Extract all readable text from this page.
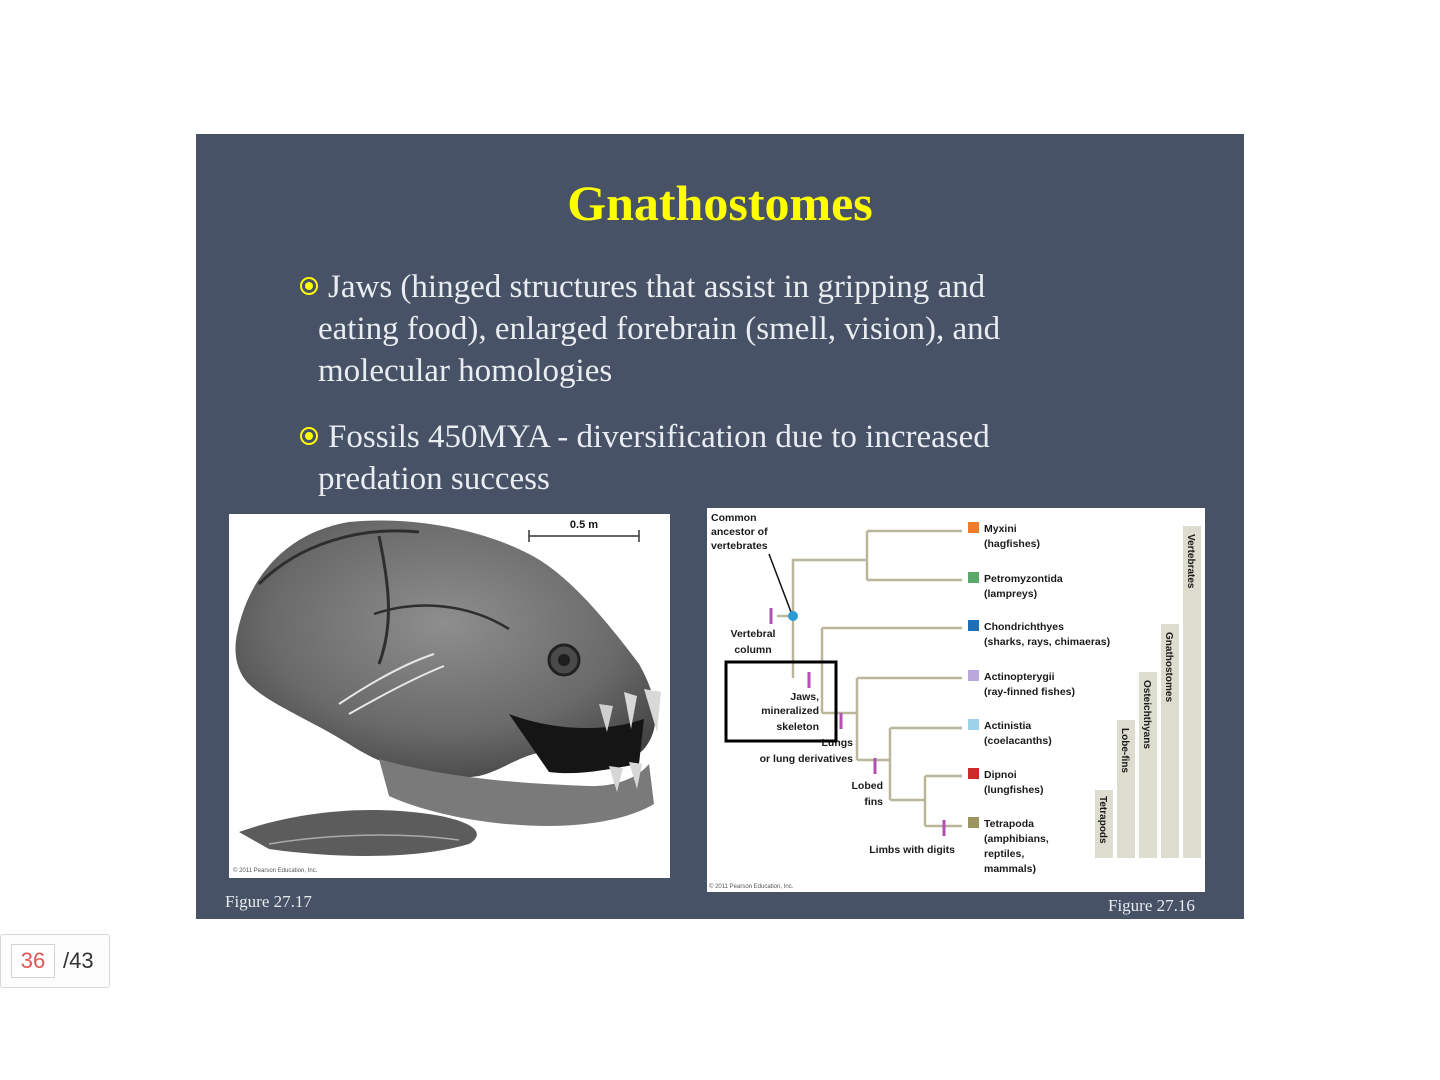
Gnathostomes
Jaws (hinged structures that assist in gripping and
eating food), enlarged forebrain (smell, vision), and
molecular homologies
Fossils 450MYA - diversification due to increased
predation success
0.5 m
© 2011 Pearson Education, Inc.
Figure 27.17
Common
ancestor of
vertebrates
Vertebral
column
Jaws,
mineralized
skeleton
Lungs
or lung derivatives
Lobed
fins
Limbs with digits
Myxini
(hagfishes)
Petromyzontida
(lampreys)
Chondrichthyes
(sharks, rays, chimaeras)
Actinopterygii
(ray-finned fishes)
Actinistia
(coelacanths)
Dipnoi
(lungfishes)
Tetrapoda
(amphibians,
reptiles,
mammals)
Vertebrates
Gnathostomes
Osteichthyans
Lobe-fins
Tetrapods
© 2011 Pearson Education, Inc.
Figure 27.16
36
/43
